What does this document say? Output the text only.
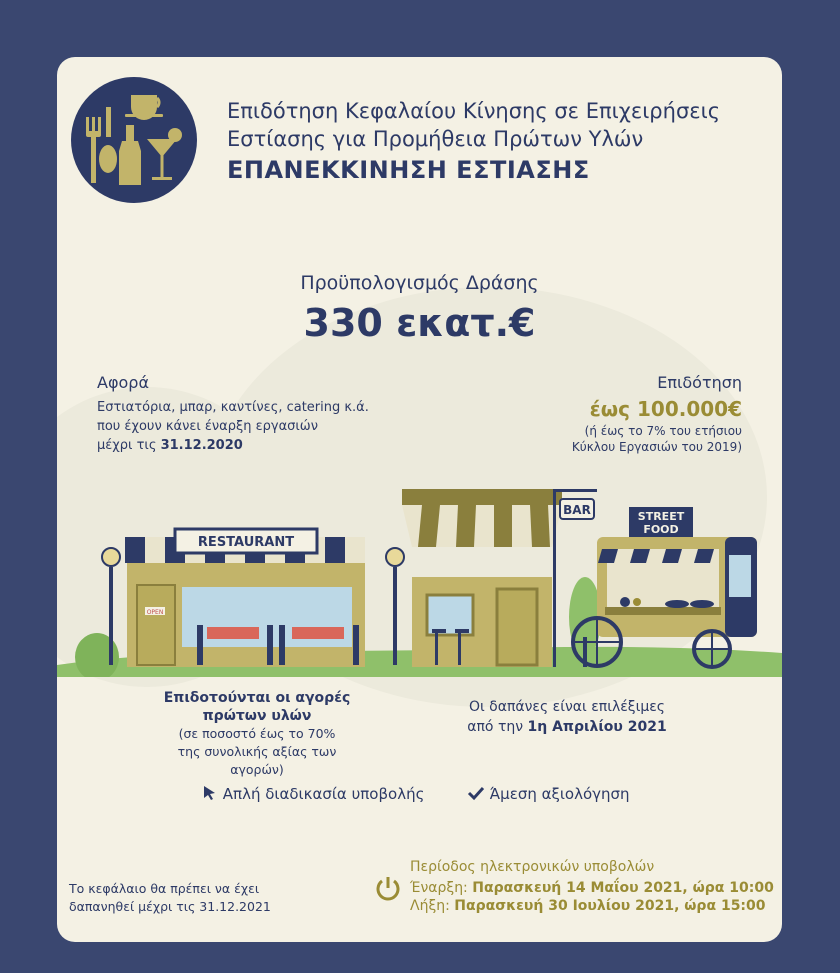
Επιδότηση Κεφαλαίου Κίνησης σε Επιχειρήσεις
Εστίασης για Προμήθεια Πρώτων Υλών
ΕΠΑΝΕΚΚΙΝΗΣΗ ΕΣΤΙΑΣΗΣ
Προϋπολογισμός Δράσης
330 εκατ.€
Αφορά
Εστιατόρια, μπαρ, καντίνες, catering κ.ά.
που έχουν κάνει έναρξη εργασιών
μέχρι τις 31.12.2020
Επιδότηση
έως 100.000€
(ή έως το 7% του ετήσιου
Κύκλου Εργασιών του 2019)
OPEN
RESTAURANT
BAR	STREET
FOOD
Επιδοτούνται οι αγορές
πρώτων υλών
(σε ποσοστό έως το 70%
της συνολικής αξίας των αγορών)
Οι δαπάνες είναι επιλέξιμες
από την 1η Απριλίου 2021
Απλή διαδικασία υποβολής	Άμεση αξιολόγηση
Το κεφάλαιο θα πρέπει να έχει
δαπανηθεί μέχρι τις 31.12.2021
Περίοδος ηλεκτρονικών υποβολών
Έναρξη: Παρασκευή 14 Μαΐου 2021, ώρα 10:00
Λήξη: Παρασκευή 30 Ιουλίου 2021, ώρα 15:00
